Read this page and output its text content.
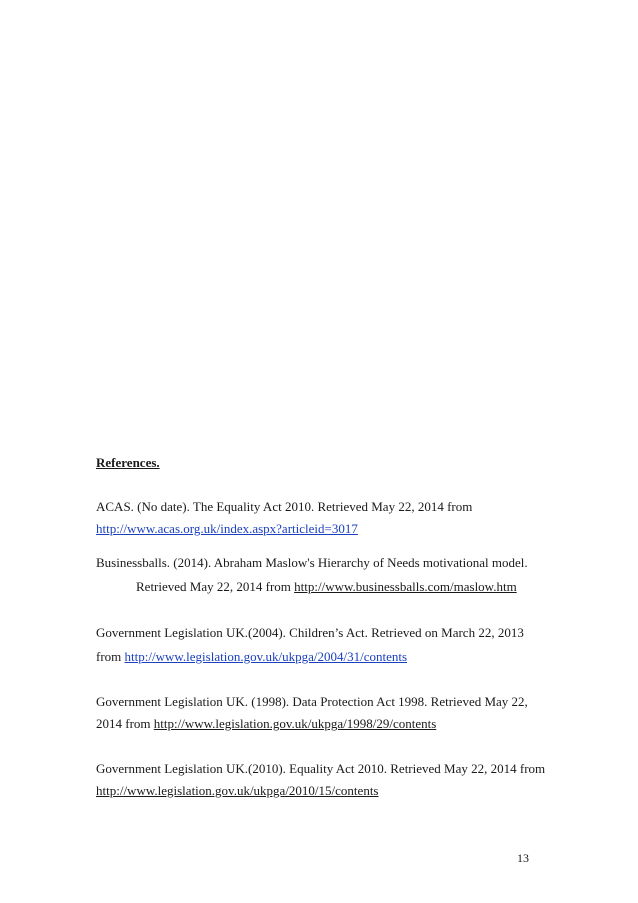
References.
ACAS. (No date). The Equality Act 2010. Retrieved May 22, 2014 from
http://www.acas.org.uk/index.aspx?articleid=3017
Businessballs. (2014). Abraham Maslow's Hierarchy of Needs motivational model.
Retrieved May 22, 2014 from http://www.businessballs.com/maslow.htm
Government Legislation UK.(2004). Children’s Act. Retrieved on March 22, 2013
from http://www.legislation.gov.uk/ukpga/2004/31/contents
Government Legislation UK. (1998). Data Protection Act 1998. Retrieved May 22,
2014 from http://www.legislation.gov.uk/ukpga/1998/29/contents
Government Legislation UK.(2010). Equality Act 2010. Retrieved May 22, 2014 from
http://www.legislation.gov.uk/ukpga/2010/15/contents
13
